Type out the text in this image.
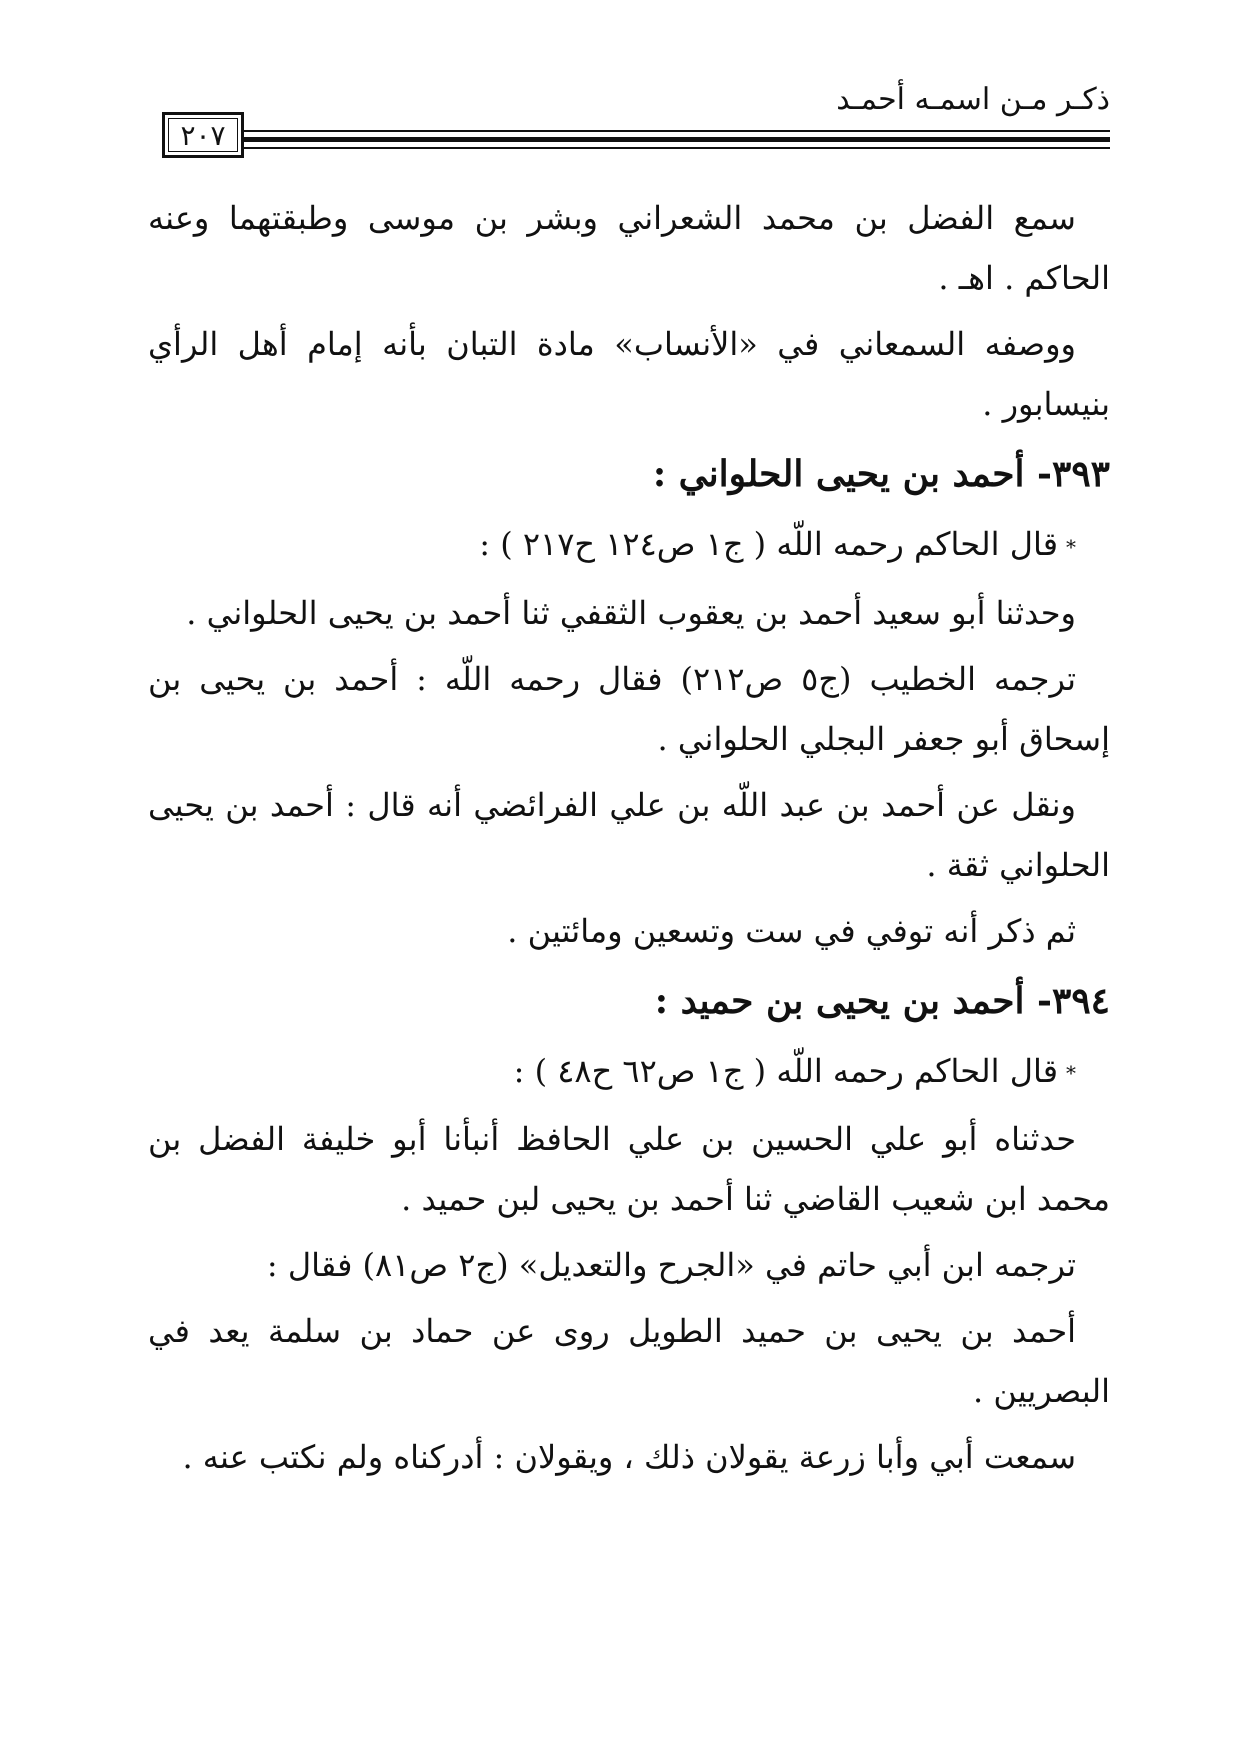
ذكـر مـن اسمـه أحمـد
٢٠٧

سمع الفضل بن محمد الشعراني وبشر بن موسى وطبقتهما وعنه الحاكم . اهـ .

ووصفه السمعاني في «الأنساب» مادة التبان بأنه إمام أهل الرأي بنيسابور .

٣٩٣- أحمد بن يحيى الحلواني :

*قال الحاكم رحمه اللّه ( ج١ ص١٢٤ ح٢١٧ ) :

وحدثنا أبو سعيد أحمد بن يعقوب الثقفي ثنا أحمد بن يحيى الحلواني .

ترجمه الخطيب (ج٥ ص٢١٢) فقال رحمه اللّه : أحمد بن يحيى بن إسحاق أبو جعفر البجلي الحلواني .

ونقل عن أحمد بن عبد اللّه بن علي الفرائضي أنه قال : أحمد بن يحيى الحلواني ثقة .

ثم ذكر أنه توفي في ست وتسعين ومائتين .

٣٩٤- أحمد بن يحيى بن حميد :

*قال الحاكم رحمه اللّه ( ج١ ص٦٢ ح٤٨ ) :

حدثناه أبو علي الحسين بن علي الحافظ أنبأنا أبو خليفة الفضل بن محمد ابن شعيب القاضي ثنا أحمد بن يحيى لبن حميد .

ترجمه ابن أبي حاتم في «الجرح والتعديل» (ج٢ ص٨١) فقال :

أحمد بن يحيى بن حميد الطويل روى عن حماد بن سلمة يعد في البصريين .

سمعت أبي وأبا زرعة يقولان ذلك ، ويقولان : أدركناه ولم نكتب عنه .
